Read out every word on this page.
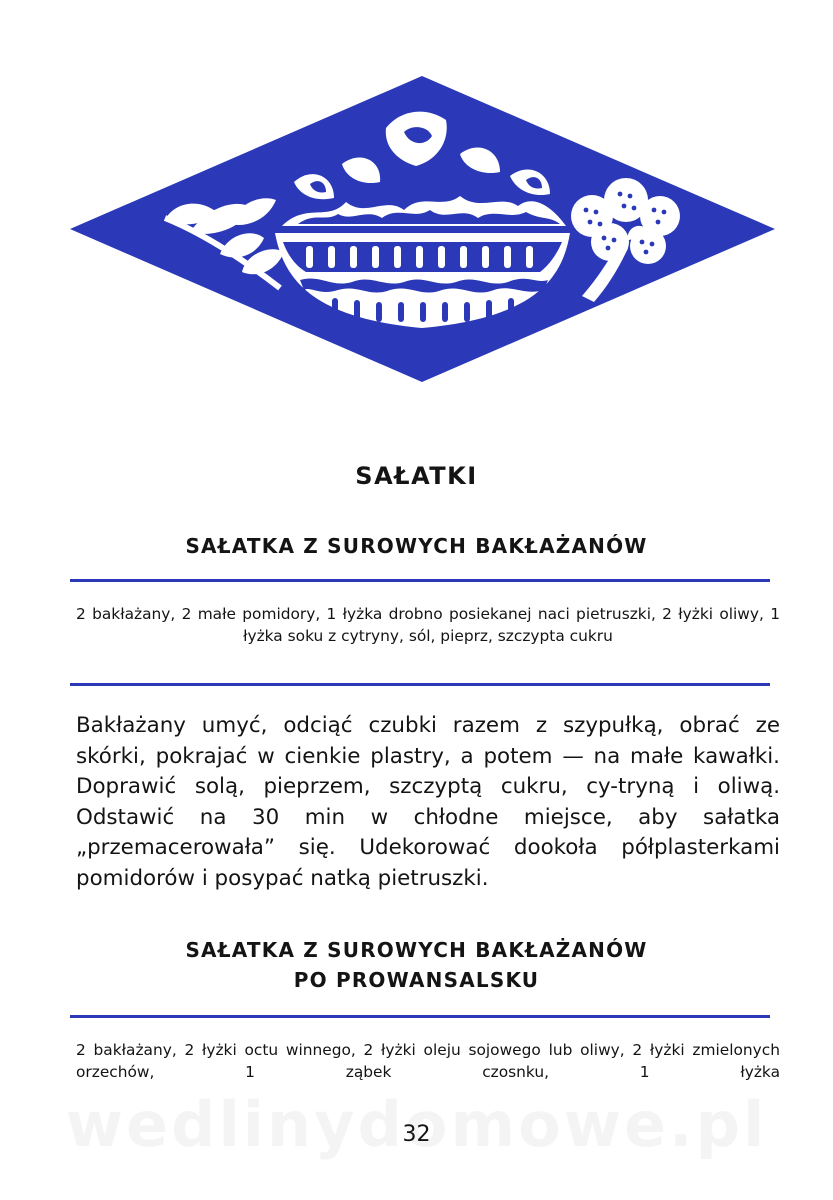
SAŁATKI
SAŁATKA Z SUROWYCH BAKŁAŻANÓW
2 bakłażany, 2 małe pomidory, 1 łyżka drobno posiekanej naci pietruszki, 2 łyżki oliwy, 1 łyżka soku z cytryny, sól, pieprz, szczypta cukru
Bakłażany umyć, odciąć czubki razem z szypułką, obrać ze skórki, pokrajać w cienkie plastry, a potem — na małe kawałki. Doprawić solą, pieprzem, szczyptą cukru, cy-tryną i oliwą. Odstawić na 30 min w chłodne miejsce, aby sałatka „przemacerowała” się. Udekorować dookoła półplasterkami pomidorów i posypać natką pietruszki.
SAŁATKA Z SUROWYCH BAKŁAŻANÓW
PO PROWANSALSKU
2 bakłażany, 2 łyżki octu winnego, 2 łyżki oleju sojowego lub oliwy, 2 łyżki zmielonych orzechów, 1 ząbek czosnku, 1 łyżka
32
